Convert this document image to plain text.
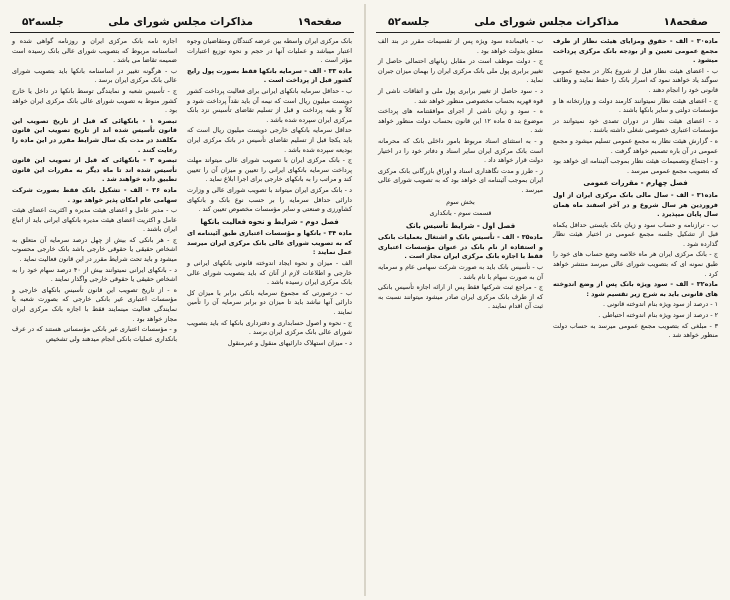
صفحه۱۸
مذاکرات مجلس شورای ملی
جلسه۵۲

ماده۳۰ - الف - حقوق ومزایای هیئت نظار از طرف مجمع عمومی تعیین و از بودجه بانک مرکزی پرداخت میشود .

ب - اعضای هیئت نظار قبل از شروع بکار در مجمع عمومی سوگند یاد خواهند نمود که اسرار بانک را حفظ نمایند و وظائف قانونی خود را انجام دهند .

ج - اعضای هیئت نظار نمیتوانند کارمند دولت و وزارتخانه ها و مؤسسات دولتی و سایر بانکها باشند .

د - اعضای هیئت نظار در دوران تصدی خود نمیتوانند در مؤسسات اعتباری خصوصی شغلی داشته باشند .

ه - گزارش هیئت نظار به مجمع عمومی تسلیم میشود و مجمع عمومی در آن باره تصمیم خواهد گرفت .

و - اجتماع وتصمیمات هیئت نظار بموجب آئیننامه ای خواهد بود که بتصویب مجمع عمومی میرسد .

فصل چهارم - مقررات عمومی

ماده۳۱ - الف - سال مالی بانک مرکزی ایران از اول فروردین هر سال شروع و در آخر اسفند ماه همان سال پایان میپذیرد .

ب - ترازنامه و حساب سود و زیان بانک بایستی حداقل یکماه قبل از تشکیل جلسه مجمع عمومی در اختیار هیئت نظار گذارده شود .

ج - بانک مرکزی ایران هر ماه خلاصه وضع حساب های خود را طبق نمونه ای که بتصویب شورای عالی میرسد منتشر خواهد کرد .

ماده۳۲ - الف - سود ویژه بانک پس از وضع اندوخته های قانونی باید به شرح زیر تقسیم شود :

۱ - درصد از سود ویژه بنام اندوخته قانونی .

۲ - درصد از سود ویژه بنام اندوخته احتیاطی .

۳ - مبلغی که بتصویب مجمع عمومی میرسد به حساب دولت منظور خواهد شد .

ب - باقیمانده سود ویژه پس از تقسیمات مقرر در بند الف متعلق بدولت خواهد بود .

ج - دولت موظف است در مقابل زیانهای احتمالی حاصل از تغییر برابری پول ملی بانک مرکزی ایران را بهمان میزان جبران نماید .

د - سود حاصل از تغییر برابری پول ملی و اتفاقات ناشی از قوه قهریه بحساب مخصوصی منظور خواهد شد .

ه - سود و زیان ناشی از اجرای موافقتنامه های پرداخت موضوع بند ۵ ماده ۱۲ این قانون بحساب دولت منظور خواهد شد .

و - به استثنای اسناد مربوط بامور داخلی بانک که محرمانه است بانک مرکزی ایران سایر اسناد و دفاتر خود را در اختیار دولت قرار خواهد داد .

ز - طرز و مدت نگاهداری اسناد و اوراق بازرگانی بانک مرکزی ایران بموجب آئیننامه ای خواهد بود که به تصویب شورای عالی میرسد .

بخش سوم

قسمت سوم - بانکداری

فصل اول - شرایط تأسیس بانک

ماده۳۵ - الف - تأسیس بانک و اشتغال بعملیات بانکی و استفاده از نام بانک در عنوان مؤسسات اعتباری فقط با اجازه بانک مرکزی ایران مجاز است .

ب - تأسیس بانک باید به صورت شرکت سهامی عام و سرمایه آن به صورت سهام با نام باشد .

ج - مراجع ثبت شرکتها فقط پس از ارائه اجازه تأسیس بانکی که از طرف بانک مرکزی ایران صادر میشود میتوانند نسبت به ثبت آن اقدام نمایند .

صفحه۱۹
مذاکرات مجلس شورای ملی
جلسه۵۲

بانک مرکزی ایران واسطه بین عرضه کنندگان ومتقاضیان وجوه اعتبار میباشد و عملیات آنها در حجم و نحوه توزیع اعتبارات مؤثر است .

ماده ۳۳ - الف - سرمایه بانکها فقط بصورت پول رایج کشور قبل از پرداخت است .

ب - حداقل سرمایه بانکهای ایرانی برای فعالیت پرداخت کشور دویست میلیون ریال است که نیمه آن باید نقداً پرداخت شود و کلاً و بقیه پرداخت و قبل از تسلیم تقاضای تأسیس نزد بانک مرکزی ایران سپرده شده باشد .

حداقل سرمایه بانکهای خارجی دویست میلیون ریال است که باید یکجا قبل از تسلیم تقاضای تأسیس در بانک مرکزی ایران بودیعه سپرده شده باشد .

ج - بانک مرکزی ایران با تصویب شورای عالی میتواند مهلت پرداخت سرمایه بانکهای ایرانی را تعیین و میزان آن را تعیین کند و مراتب را به بانکهای خارجی برای اجرا ابلاغ نماید .

د - بانک مرکزی ایران میتواند با تصویب شورای عالی و وزارت دارائی حداقل سرمایه را بر حسب نوع بانک و بانکهای کشاورزی و صنعتی و سایر مؤسسات مخصوص تعیین کند .

فصل دوم - شرایط و نحوه فعالیت بانکها

ماده ۳۴ - بانکها و مؤسسات اعتباری طبق آئیننامه ای که به تصویب شورای عالی بانک مرکزی ایران میرسد عمل نمایند :

الف - میزان و نحوه ایجاد اندوخته قانونی بانکهای ایرانی و خارجی و اطلاعات لازم از آنان که باید بتصویب شورای عالی بانک مرکزی ایران رسیده باشد .

ب - درصورتی که مجموع سرمایه بانکی برابر با میزان کل دارائی آنها نباشد باید تا میزان دو برابر سرمایه آن را تأمین نمایند .

ج - نحوه و اصول حسابداری و دفترداری بانکها که باید بتصویب شورای عالی بانک مرکزی ایران برسد .

د - میزان استهلاک دارائیهای منقول و غیرمنقول

اجازه نامه بانک مرکزی ایران و روزنامه گواهی شده و اساسنامه مربوط که بتصویب شورای عالی بانک رسیده است ضمیمه تقاضا می باشد .

ب - هرگونه تغییر در اساسنامه بانکها باید بتصویب شورای عالی بانک مرکزی ایران برسد .

ج - تأسیس شعبه و نمایندگی توسط بانکها در داخل یا خارج کشور منوط به تصویب شورای عالی بانک مرکزی ایران خواهد بود .

تبصره ۱ - بانکهائی که قبل از تاریخ تصویب این قانون تأسیس شده اند از تاریخ تصویب این قانون مکلفند در مدت یک سال شرایط مقرر در این ماده را رعایت کنند .

تبصره ۲ - بانکهائی که قبل از تصویب این قانون تأسیس شده اند تا ماه دیگر به مقررات این قانون تطبیق داده خواهند شد .

ماده ۳۶ - الف - تشکیل بانک فقط بصورت شرکت سهامی عام امکان پذیر خواهد بود .

ب - مدیر عامل و اعضای هیئت مدیره و اکثریت اعضای هیئت عامل و اکثریت اعضای هیئت مدیره بانکهای ایرانی باید از اتباع ایران باشند .

ج - هر بانکی که بیش از چهل درصد سرمایه آن متعلق به اشخاص حقیقی یا حقوقی خارجی باشد بانک خارجی محسوب میشود و باید تحت شرایط مقرر در این قانون فعالیت نماید .

د - بانکهای ایرانی نمیتوانند بیش از ۴۰ درصد سهام خود را به اشخاص حقیقی یا حقوقی خارجی واگذار نمایند .

ه - از تاریخ تصویب این قانون تأسیس بانکهای خارجی و مؤسسات اعتباری غیر بانکی خارجی که بصورت شعبه یا نمایندگی فعالیت مینمایند فقط با اجازه بانک مرکزی ایران مجاز خواهد بود .

و - مؤسسات اعتباری غیر بانکی مؤسساتی هستند که در عرف بانکداری عملیات بانکی انجام میدهند ولی تشخیص
